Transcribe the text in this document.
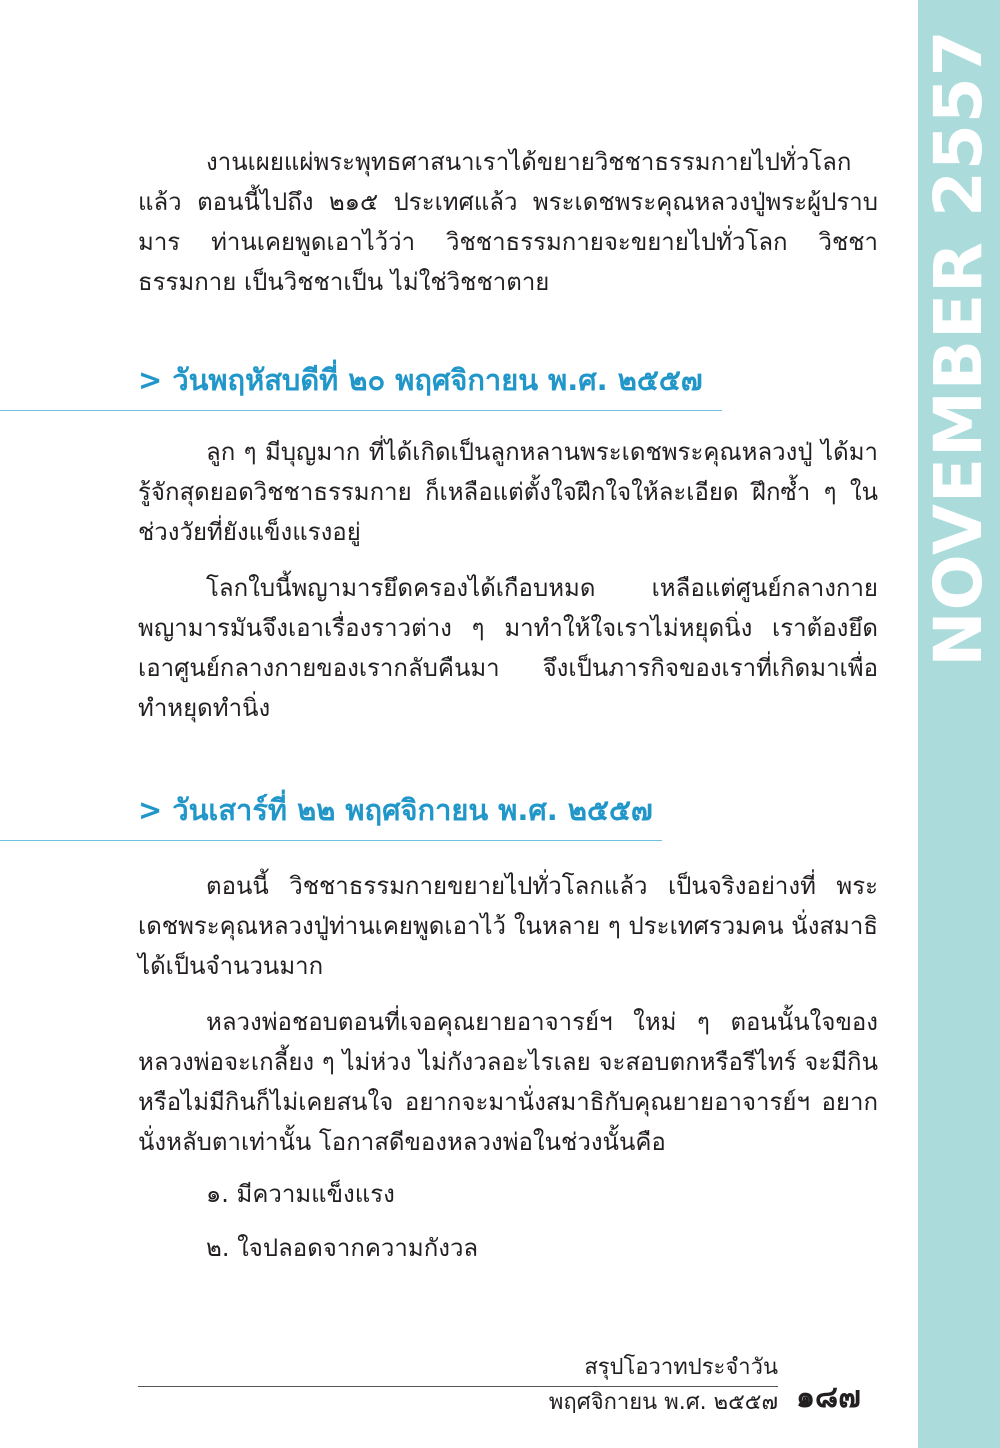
NOVEMBER 2557

งานเผยแผ่พระพุทธศาสนาเราได้ขยายวิชชาธรรมกายไปทั่วโลกแล้ว ตอนนี้ไปถึง ๒๑๕ ประเทศแล้ว พระเดชพระคุณหลวงปู่พระผู้ปราบมาร ท่านเคยพูดเอาไว้ว่า วิชชาธรรมกายจะขยายไปทั่วโลก วิชชาธรรมกาย เป็นวิชชาเป็น ไม่ใช่วิชชาตาย

> วันพฤหัสบดีที่ ๒๐ พฤศจิกายน พ.ศ. ๒๕๕๗

ลูก ๆ มีบุญมาก ที่ได้เกิดเป็นลูกหลานพระเดชพระคุณหลวงปู่ ได้มารู้จักสุดยอดวิชชาธรรมกาย ก็เหลือแต่ตั้งใจฝึกใจให้ละเอียด ฝึกซ้ำ ๆ ในช่วงวัยที่ยังแข็งแรงอยู่

โลกใบนี้พญามารยึดครองได้เกือบหมด เหลือแต่ศูนย์กลางกาย พญามารมันจึงเอาเรื่องราวต่าง ๆ มาทำให้ใจเราไม่หยุดนิ่ง เราต้องยึด เอาศูนย์กลางกายของเรากลับคืนมา จึงเป็นภารกิจของเราที่เกิดมาเพื่อ ทำหยุดทำนิ่ง

> วันเสาร์ที่ ๒๒ พฤศจิกายน พ.ศ. ๒๕๕๗

ตอนนี้ วิชชาธรรมกายขยายไปทั่วโลกแล้ว เป็นจริงอย่างที่ พระเดชพระคุณหลวงปู่ท่านเคยพูดเอาไว้ ในหลาย ๆ ประเทศรวมคน นั่งสมาธิได้เป็นจำนวนมาก

หลวงพ่อชอบตอนที่เจอคุณยายอาจารย์ฯ ใหม่ ๆ ตอนนั้นใจของ หลวงพ่อจะเกลี้ยง ๆ ไม่ห่วง ไม่กังวลอะไรเลย จะสอบตกหรือรีไทร์ จะมีกินหรือไม่มีกินก็ไม่เคยสนใจ อยากจะมานั่งสมาธิกับคุณยายอาจารย์ฯ อยากนั่งหลับตาเท่านั้น โอกาสดีของหลวงพ่อในช่วงนั้นคือ

๑. มีความแข็งแรง

๒. ใจปลอดจากความกังวล

สรุปโอวาทประจำวัน
พฤศจิกายน พ.ศ. ๒๕๕๗ ๑๘๗
